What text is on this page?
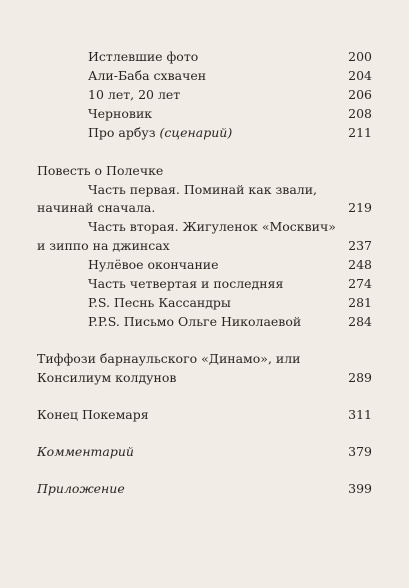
Истлевшие фото	200
Али-Баба схвачен	204
10 лет, 20 лет	206
Черновик	208
Про арбуз (сценарий)	211
Повесть о Полечке
Часть первая. Поминай как звали,
начинай сначала.	219
Часть вторая. Жигуленок «Москвич»
и зиппо на джинсах	237
Нулёвое окончание	248
Часть четвертая и последняя	274
P.S. Песнь Кассандры	281
P.P.S. Письмо Ольге Николаевой	284
Тиффози барнаульского «Динамо», или
Консилиум колдунов	289
Конец Покемаря	311
Комментарий	379
Приложение	399
